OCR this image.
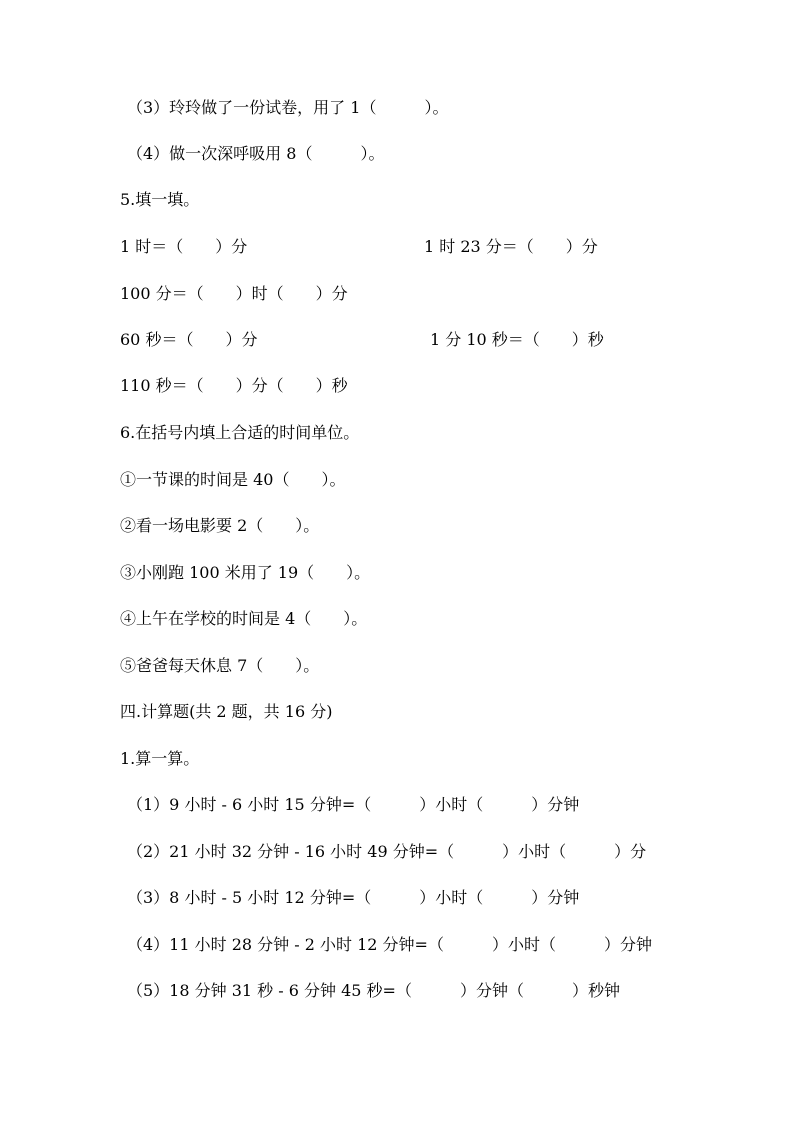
（3）玲玲做了一份试卷，用了 1（　　　）。
（4）做一次深呼吸用 8（　　　）。
5.填一填。
1 时＝（　　）分	1 时 23 分＝（　　）分
100 分＝（　　）时（　　）分
60 秒＝（　　）分	1 分 10 秒＝（　　）秒
110 秒＝（　　）分（　　）秒
6.在括号内填上合适的时间单位。
①一节课的时间是 40（　　）。
②看一场电影要 2（　　）。
③小刚跑 100 米用了 19（　　）。
④上午在学校的时间是 4（　　）。
⑤爸爸每天休息 7（　　）。
四.计算题(共 2 题，共 16 分)
1.算一算。
（1）9 小时 - 6 小时 15 分钟=（　　　）小时（　　　）分钟
（2）21 小时 32 分钟 - 16 小时 49 分钟=（　　　）小时（　　　）分
（3）8 小时 - 5 小时 12 分钟=（　　　）小时（　　　）分钟
（4）11 小时 28 分钟 - 2 小时 12 分钟=（　　　）小时（　　　）分钟
（5）18 分钟 31 秒 - 6 分钟 45 秒=（　　　）分钟（　　　）秒钟
